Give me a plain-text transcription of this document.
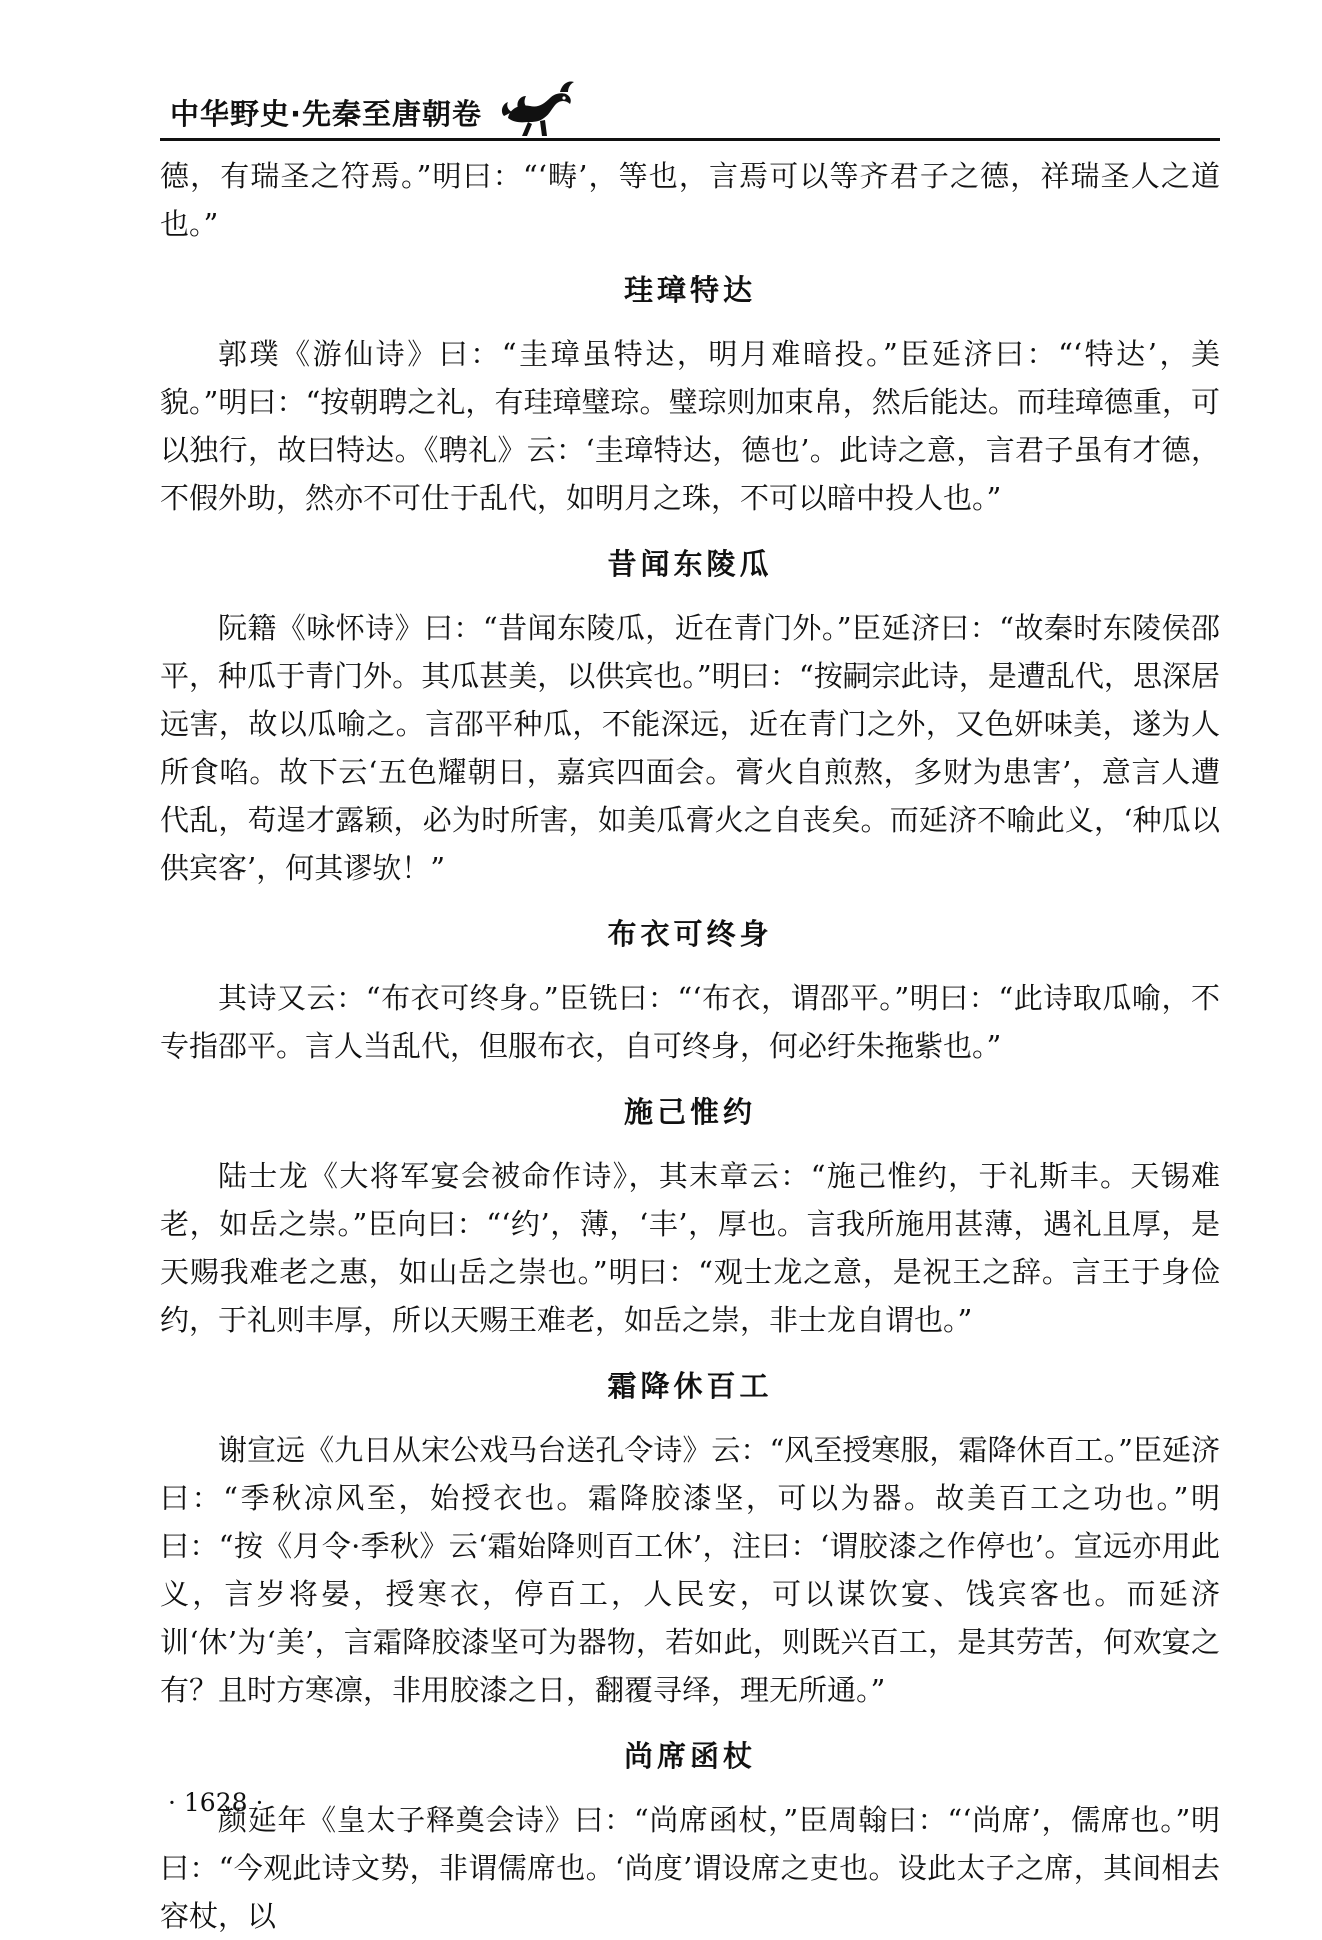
中华野史·先秦至唐朝卷

德，有瑞圣之符焉。”明曰：“‘畴’，等也，言焉可以等齐君子之德，祥瑞圣人之道也。”

珪璋特达

郭璞《游仙诗》曰：“圭璋虽特达，明月难暗投。”臣延济曰：“‘特达’，美貌。”明曰：“按朝聘之礼，有珪璋璧琮。璧琮则加束帛，然后能达。而珪璋德重，可以独行，故曰特达。《聘礼》云：‘圭璋特达，德也’。此诗之意，言君子虽有才德，不假外助，然亦不可仕于乱代，如明月之珠，不可以暗中投人也。”

昔闻东陵瓜

阮籍《咏怀诗》曰：“昔闻东陵瓜，近在青门外。”臣延济曰：“故秦时东陵侯邵平，种瓜于青门外。其瓜甚美，以供宾也。”明曰：“按嗣宗此诗，是遭乱代，思深居远害，故以瓜喻之。言邵平种瓜，不能深远，近在青门之外，又色妍味美，遂为人所食啗。故下云‘五色耀朝日，嘉宾四面会。膏火自煎熬，多财为患害’，意言人遭代乱，苟逞才露颖，必为时所害，如美瓜膏火之自丧矣。而延济不喻此义，‘种瓜以供宾客’，何其谬欤！”

布衣可终身

其诗又云：“布衣可终身。”臣铣曰：“‘布衣，谓邵平。”明曰：“此诗取瓜喻，不专指邵平。言人当乱代，但服布衣，自可终身，何必纡朱拖紫也。”

施己惟约

陆士龙《大将军宴会被命作诗》，其末章云：“施己惟约，于礼斯丰。天锡难老，如岳之崇。”臣向曰：“‘约’，薄，‘丰’，厚也。言我所施用甚薄，遇礼且厚，是天赐我难老之惠，如山岳之崇也。”明曰：“观士龙之意，是祝王之辞。言王于身俭约，于礼则丰厚，所以天赐王难老，如岳之崇，非士龙自谓也。”

霜降休百工

谢宣远《九日从宋公戏马台送孔令诗》云：“风至授寒服，霜降休百工。”臣延济曰：“季秋凉风至，始授衣也。霜降胶漆坚，可以为器。故美百工之功也。”明曰：“按《月令·季秋》云‘霜始降则百工休’，注曰：‘谓胶漆之作停也’。宣远亦用此义，言岁将晏，授寒衣，停百工，人民安，可以谋饮宴、饯宾客也。而延济训‘休’为‘美’，言霜降胶漆坚可为器物，若如此，则既兴百工，是其劳苦，何欢宴之有？且时方寒凛，非用胶漆之日，翻覆寻绎，理无所通。”

尚席函杖

颜延年《皇太子释奠会诗》曰：“尚席函杖，”臣周翰曰：“‘尚席’，儒席也。”明曰：“今观此诗文势，非谓儒席也。‘尚度’谓设席之吏也。设此太子之席，其间相去容杖，以

· 1628 ·
